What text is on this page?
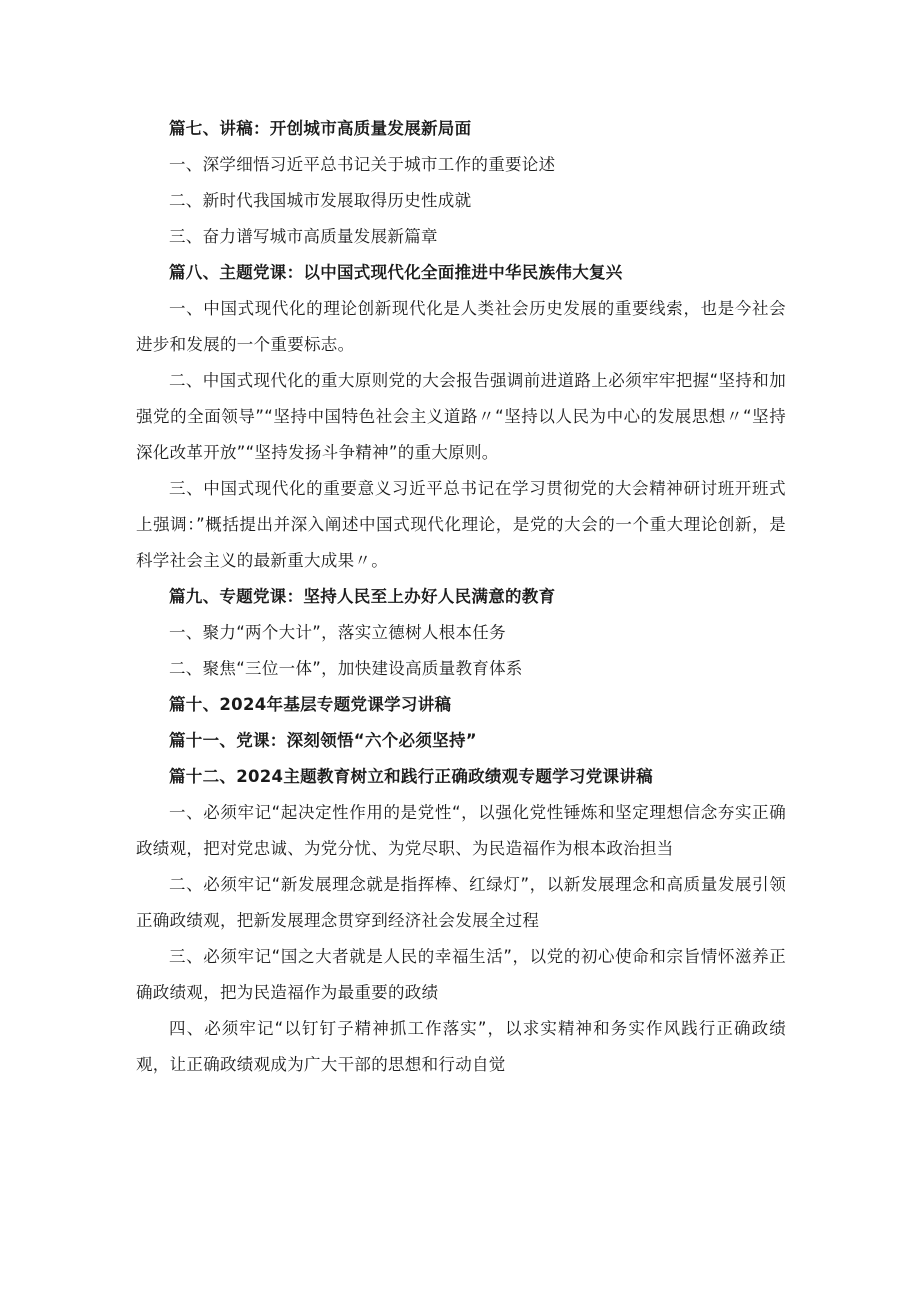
篇七、讲稿：开创城市高质量发展新局面

一、深学细悟习近平总书记关于城市工作的重要论述

二、新时代我国城市发展取得历史性成就

三、奋力谱写城市高质量发展新篇章

篇八、主题党课：以中国式现代化全面推进中华民族伟大复兴

一、中国式现代化的理论创新现代化是人类社会历史发展的重要线索，也是今社会进步和发展的一个重要标志。

二、中国式现代化的重大原则党的大会报告强调前进道路上必须牢牢把握“坚持和加强党的全面领导”“坚持中国特色社会主义道路〃“坚持以人民为中心的发展思想〃“坚持深化改革开放”“坚持发扬斗争精神”的重大原则。

三、中国式现代化的重要意义习近平总书记在学习贯彻党的大会精神研讨班开班式上强调：”概括提出并深入阐述中国式现代化理论，是党的大会的一个重大理论创新，是科学社会主义的最新重大成果〃。

篇九、专题党课：坚持人民至上办好人民满意的教育

一、聚力“两个大计”，落实立德树人根本任务

二、聚焦“三位一体”，加快建设高质量教育体系

篇十、2024年基层专题党课学习讲稿

篇十一、党课：深刻领悟“六个必须坚持”

篇十二、2024主题教育树立和践行正确政绩观专题学习党课讲稿

一、必须牢记“起决定性作用的是党性“，以强化党性锤炼和坚定理想信念夯实正确政绩观，把对党忠诚、为党分忧、为党尽职、为民造福作为根本政治担当

二、必须牢记“新发展理念就是指挥棒、红绿灯”，以新发展理念和高质量发展引领正确政绩观，把新发展理念贯穿到经济社会发展全过程

三、必须牢记“国之大者就是人民的幸福生活”，以党的初心使命和宗旨情怀滋养正确政绩观，把为民造福作为最重要的政绩

四、必须牢记“以钉钉子精神抓工作落实”，以求实精神和务实作风践行正确政绩观，让正确政绩观成为广大干部的思想和行动自觉
